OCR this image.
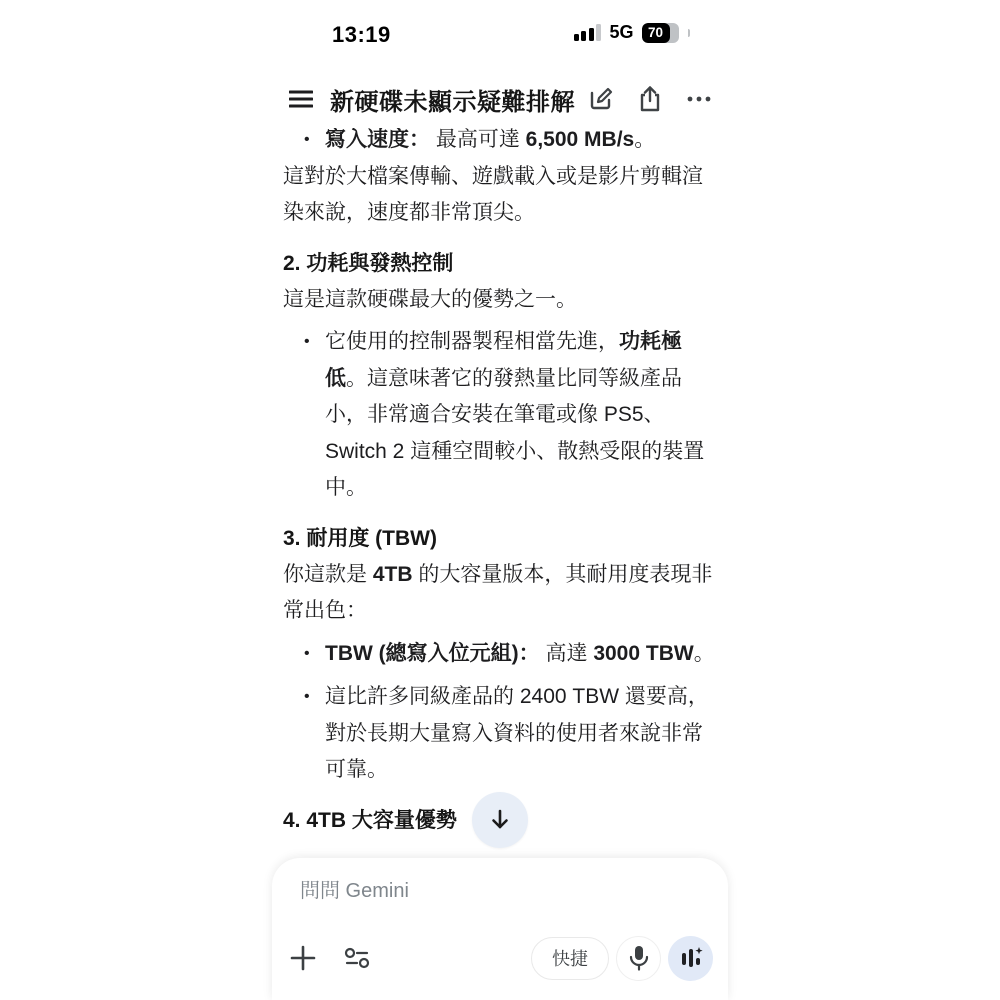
• 寫入速度： 最高可達 6,500 MB/s。

這對於大檔案傳輸、遊戲載入或是影片剪輯渲染來說，速度都非常頂尖。

2. 功耗與發熱控制

這是這款硬碟最大的優勢之一。

• 它使用的控制器製程相當先進，功耗極低。這意味著它的發熱量比同等級產品小，非常適合安裝在筆電或像 PS5、Switch 2 這種空間較小、散熱受限的裝置中。
3. 耐用度 (TBW)

你這款是 4TB 的大容量版本，其耐用度表現非常出色：

• TBW (總寫入位元組)： 高達 3000 TBW。
• 這比許多同級產品的 2400 TBW 還要高，對於長期大量寫入資料的使用者來說非常可靠。
4. 4TB 大容量優勢
13:19	5G	70
新硬碟未顯示疑難排解
問問 Gemini
快捷
